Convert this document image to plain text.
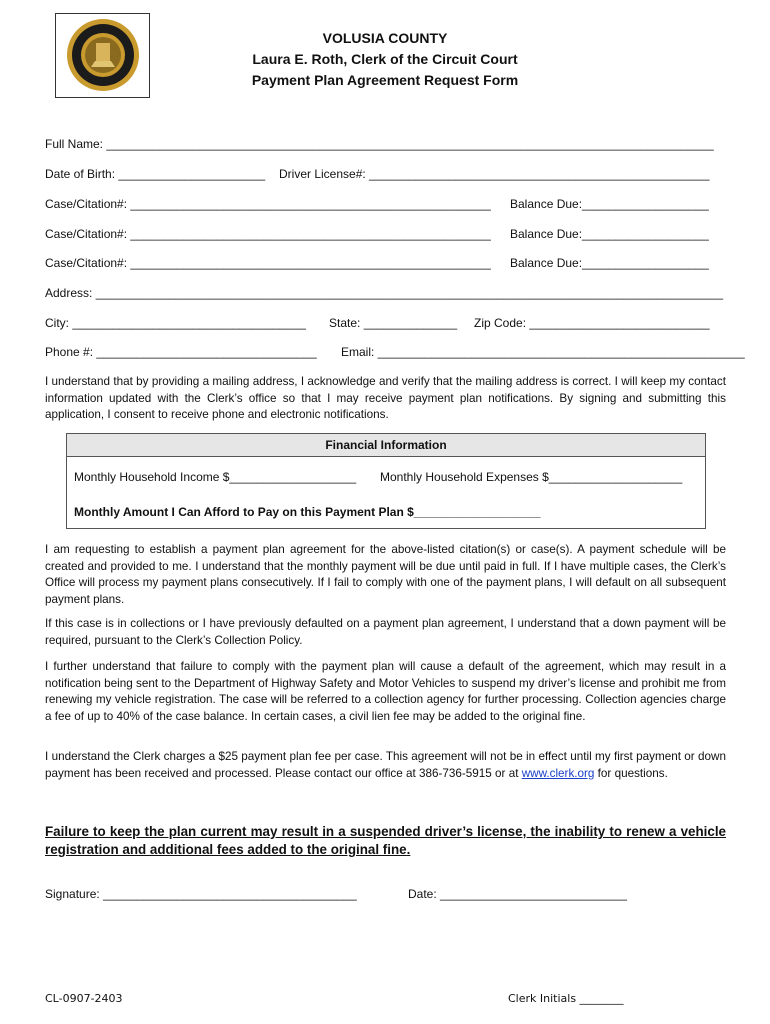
VOLUSIA COUNTY
Laura E. Roth, Clerk of the Circuit Court
Payment Plan Agreement Request Form
Full Name: ___________________________________________________________________________________________
Date of Birth: ______________________ Driver License#: ___________________________________________________
Case/Citation#: ______________________________________________________ Balance Due:___________________
Case/Citation#: ______________________________________________________ Balance Due:___________________
Case/Citation#: ______________________________________________________ Balance Due:___________________
Address: ______________________________________________________________________________________________
City: ___________________________________ State: ______________ Zip Code: ___________________________
Phone #: _________________________________ Email: _______________________________________________________
I understand that by providing a mailing address, I acknowledge and verify that the mailing address is correct. I will keep my contact information updated with the Clerk’s office so that I may receive payment plan notifications. By signing and submitting this application, I consent to receive phone and electronic notifications.
Financial Information
Monthly Household Income $___________________ Monthly Household Expenses $____________________
Monthly Amount I Can Afford to Pay on this Payment Plan $___________________
I am requesting to establish a payment plan agreement for the above-listed citation(s) or case(s). A payment schedule will be created and provided to me. I understand that the monthly payment will be due until paid in full. If I have multiple cases, the Clerk’s Office will process my payment plans consecutively. If I fail to comply with one of the payment plans, I will default on all subsequent payment plans.
If this case is in collections or I have previously defaulted on a payment plan agreement, I understand that a down payment will be required, pursuant to the Clerk’s Collection Policy.
I further understand that failure to comply with the payment plan will cause a default of the agreement, which may result in a notification being sent to the Department of Highway Safety and Motor Vehicles to suspend my driver’s license and prohibit me from renewing my vehicle registration. The case will be referred to a collection agency for further processing. Collection agencies charge a fee of up to 40% of the case balance. In certain cases, a civil lien fee may be added to the original fine.
I understand the Clerk charges a $25 payment plan fee per case. This agreement will not be in effect until my first payment or down payment has been received and processed. Please contact our office at 386-736-5915 or at www.clerk.org for questions.
Failure to keep the plan current may result in a suspended driver’s license, the inability to renew a vehicle registration and additional fees added to the original fine.
Signature: ______________________________________	Date: ____________________________
CL-0907-2403	Clerk Initials ________
